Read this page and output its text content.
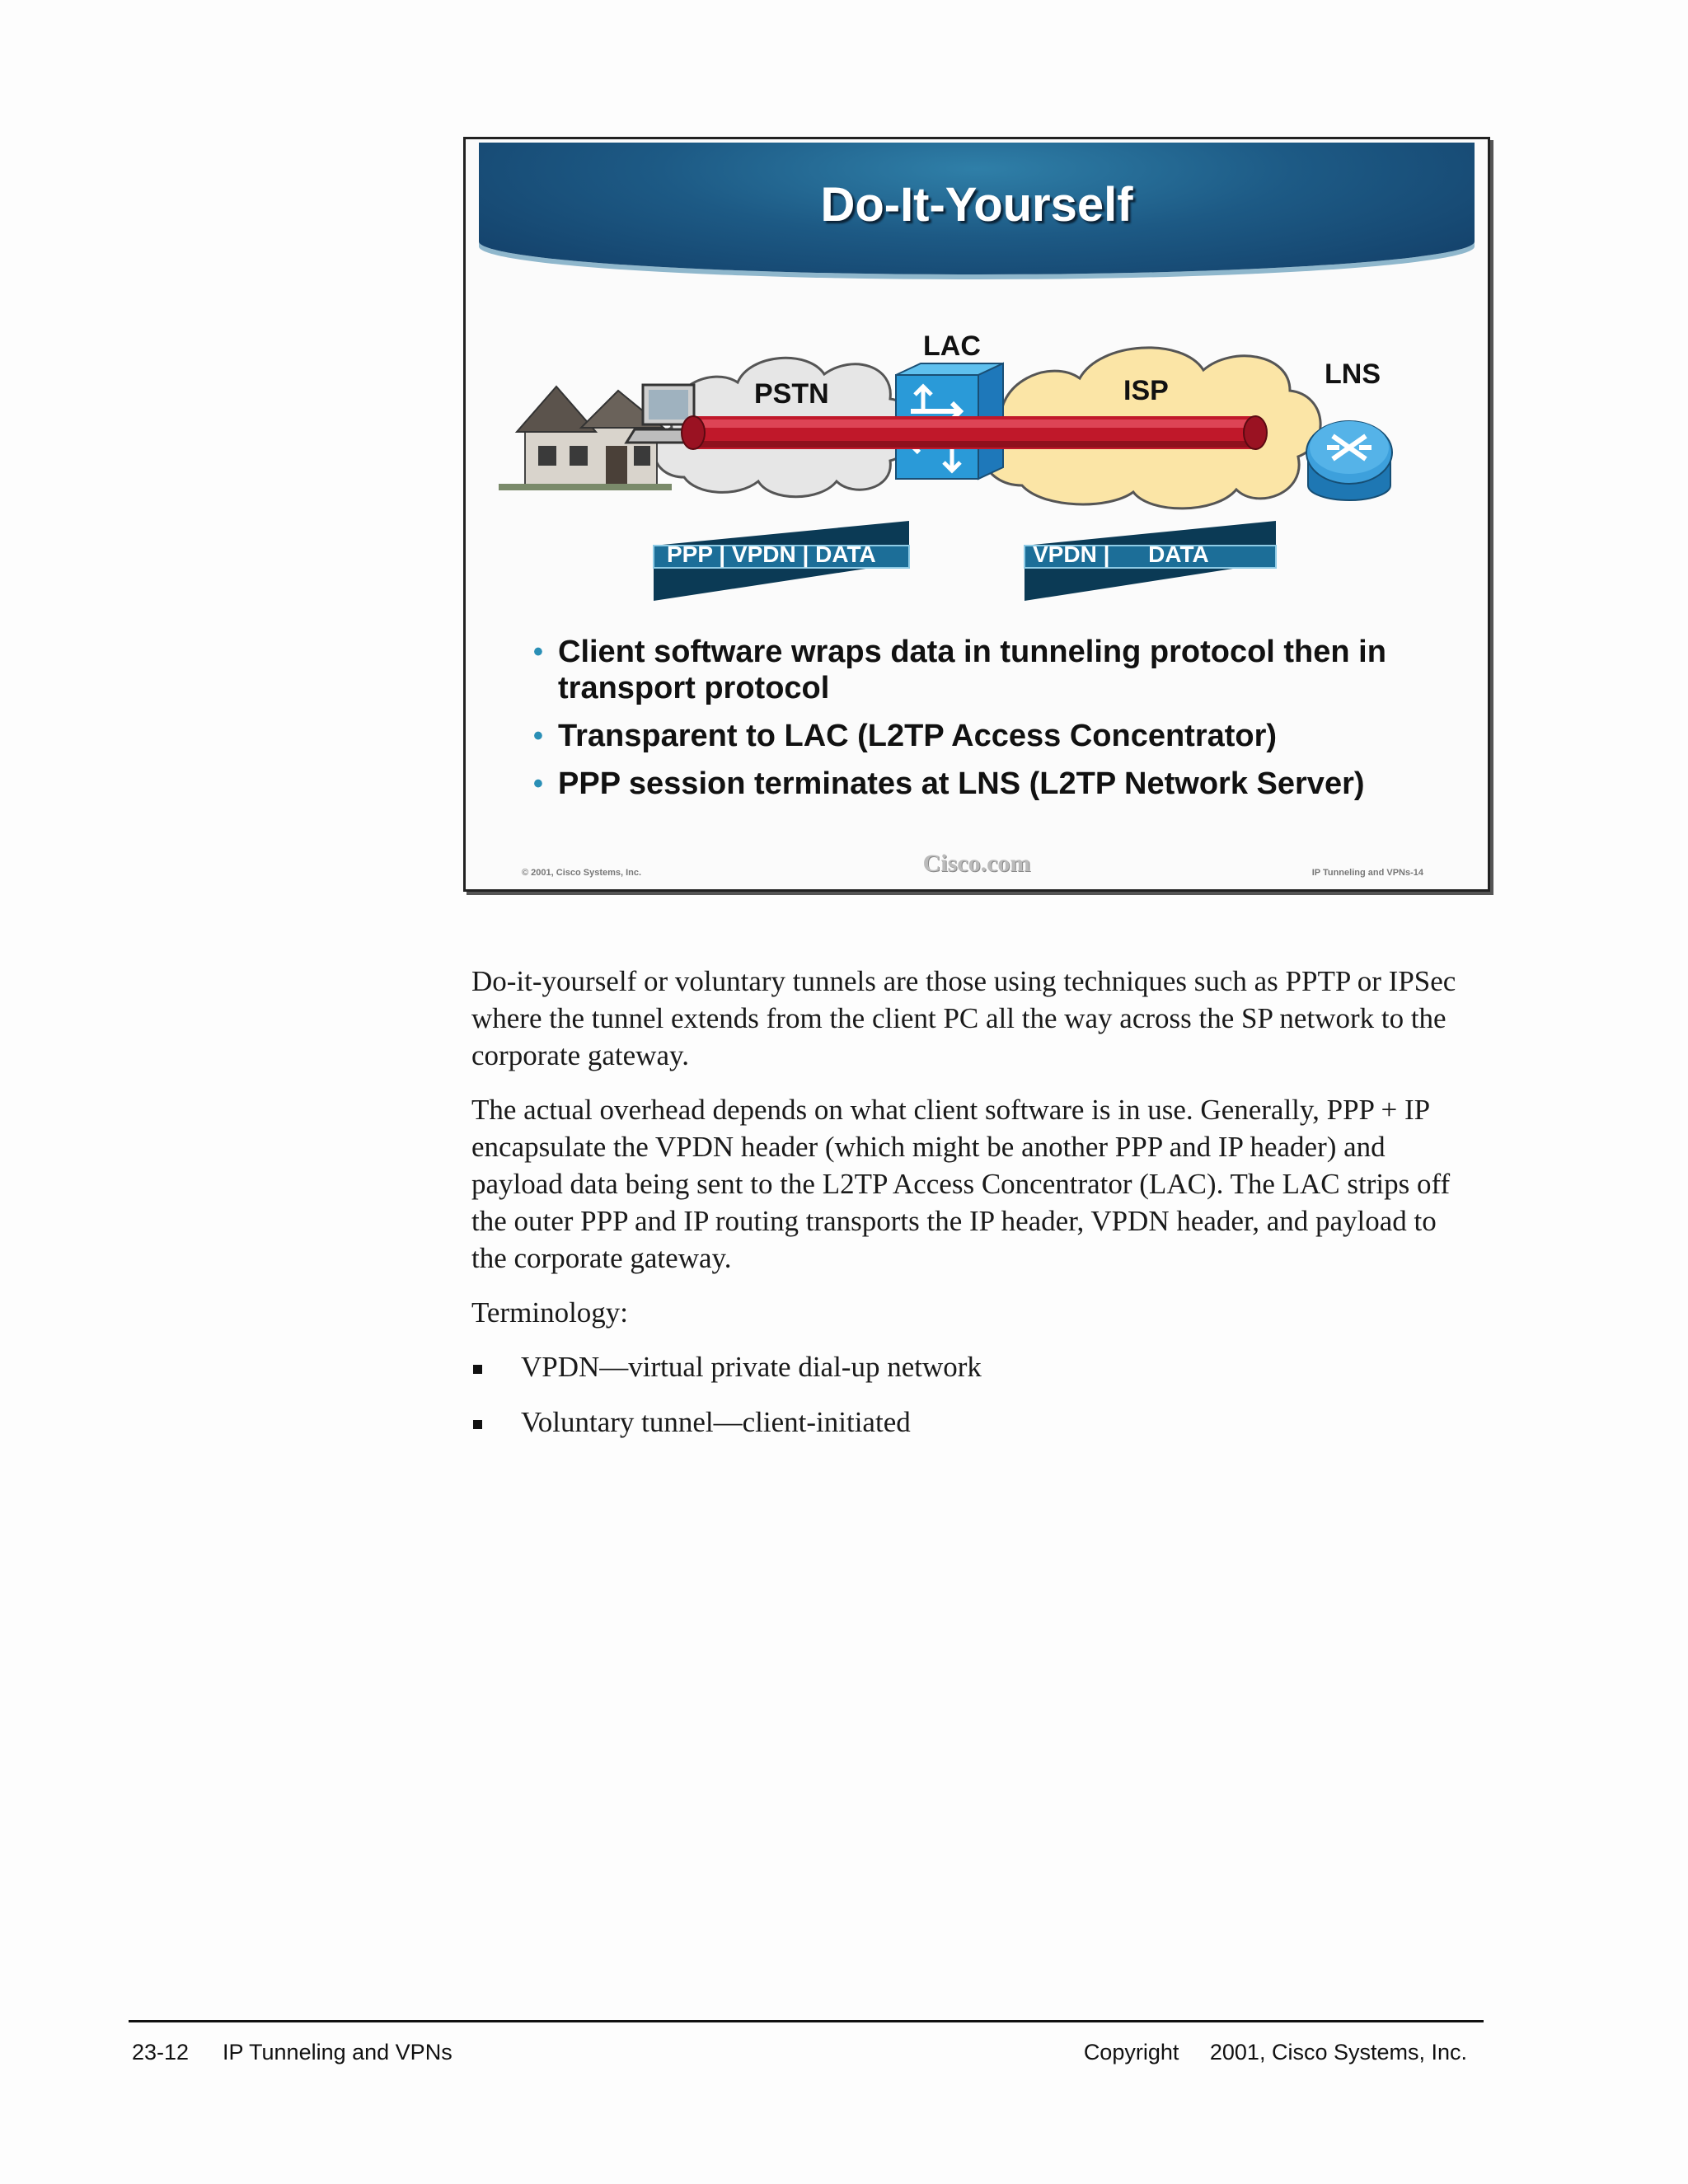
Do-It-Yourself
PSTN
LAC
ISP
LNS
PPP | VPDN | DATA	VPDN |      DATA
• Client software wraps data in tunneling protocol then in transport protocol
• Transparent to LAC (L2TP Access Concentrator)
• PPP session terminates at LNS (L2TP Network Server)
© 2001, Cisco Systems, Inc.	Cisco.com	IP Tunneling and VPNs-14

Do-it-yourself or voluntary tunnels are those using techniques such as PPTP or IPSec where the tunnel extends from the client PC all the way across the SP network to the corporate gateway.

The actual overhead depends on what client software is in use. Generally, PPP + IP encapsulate the VPDN header (which might be another PPP and IP header) and payload data being sent to the L2TP Access Concentrator (LAC). The LAC strips off the outer PPP and IP routing transports the IP header, VPDN header, and payload to the corporate gateway.

Terminology:

VPDN—virtual private dial-up network
Voluntary tunnel—client-initiated
23-12 IP Tunneling and VPNs	Copyright     2001, Cisco Systems, Inc.
